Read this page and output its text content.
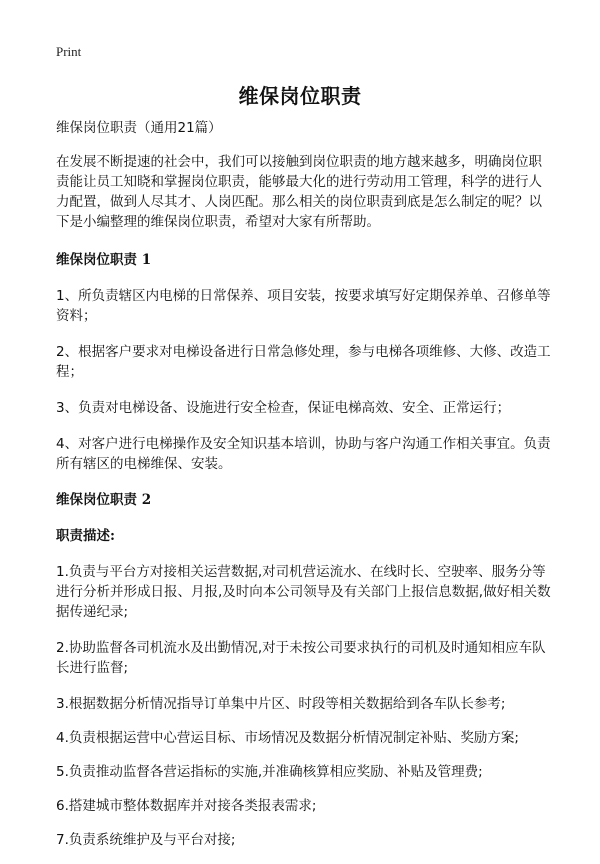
Print
维保岗位职责

维保岗位职责（通用21篇）

在发展不断提速的社会中，我们可以接触到岗位职责的地方越来越多，明确岗位职责能让员工知晓和掌握岗位职责，能够最大化的进行劳动用工管理，科学的进行人力配置，做到人尽其才、人岗匹配。那么相关的岗位职责到底是怎么制定的呢？以下是小编整理的维保岗位职责，希望对大家有所帮助。

维保岗位职责 1

1、所负责辖区内电梯的日常保养、项目安装，按要求填写好定期保养单、召修单等资料；

2、根据客户要求对电梯设备进行日常急修处理，参与电梯各项维修、大修、改造工程；

3、负责对电梯设备、设施进行安全检查，保证电梯高效、安全、正常运行；

4、对客户进行电梯操作及安全知识基本培训，协助与客户沟通工作相关事宜。负责所有辖区的电梯维保、安装。

维保岗位职责 2

职责描述:

1.负责与平台方对接相关运营数据,对司机营运流水、在线时长、空驶率、服务分等进行分析并形成日报、月报,及时向本公司领导及有关部门上报信息数据,做好相关数据传递纪录;

2.协助监督各司机流水及出勤情况,对于未按公司要求执行的司机及时通知相应车队长进行监督;

3.根据数据分析情况指导订单集中片区、时段等相关数据给到各车队长参考;

4.负责根据运营中心营运目标、市场情况及数据分析情况制定补贴、奖励方案;

5.负责推动监督各营运指标的实施,并准确核算相应奖励、补贴及管理费;

6.搭建城市整体数据库并对接各类报表需求;

7.负责系统维护及与平台对接;
